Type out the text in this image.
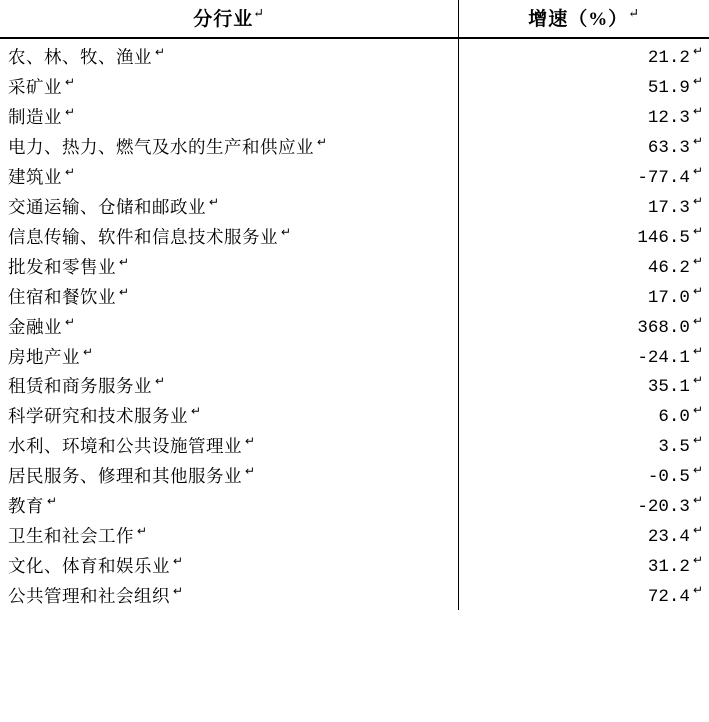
分行业↵	增速（%）↵
农、林、牧、渔业 ↵	21.2 ↵
采矿业 ↵	51.9 ↵
制造业 ↵	12.3 ↵
电力、热力、燃气及水的生产和供应业 ↵	63.3 ↵
建筑业 ↵	-77.4 ↵
交通运输、仓储和邮政业 ↵	17.3 ↵
信息传输、软件和信息技术服务业 ↵	146.5 ↵
批发和零售业 ↵	46.2 ↵
住宿和餐饮业 ↵	17.0 ↵
金融业 ↵	368.0 ↵
房地产业 ↵	-24.1 ↵
租赁和商务服务业 ↵	35.1 ↵
科学研究和技术服务业 ↵	6.0 ↵
水利、环境和公共设施管理业 ↵	3.5 ↵
居民服务、修理和其他服务业 ↵	-0.5 ↵
教育 ↵	-20.3 ↵
卫生和社会工作 ↵	23.4 ↵
文化、体育和娱乐业 ↵	31.2 ↵
公共管理和社会组织 ↵	72.4 ↵
